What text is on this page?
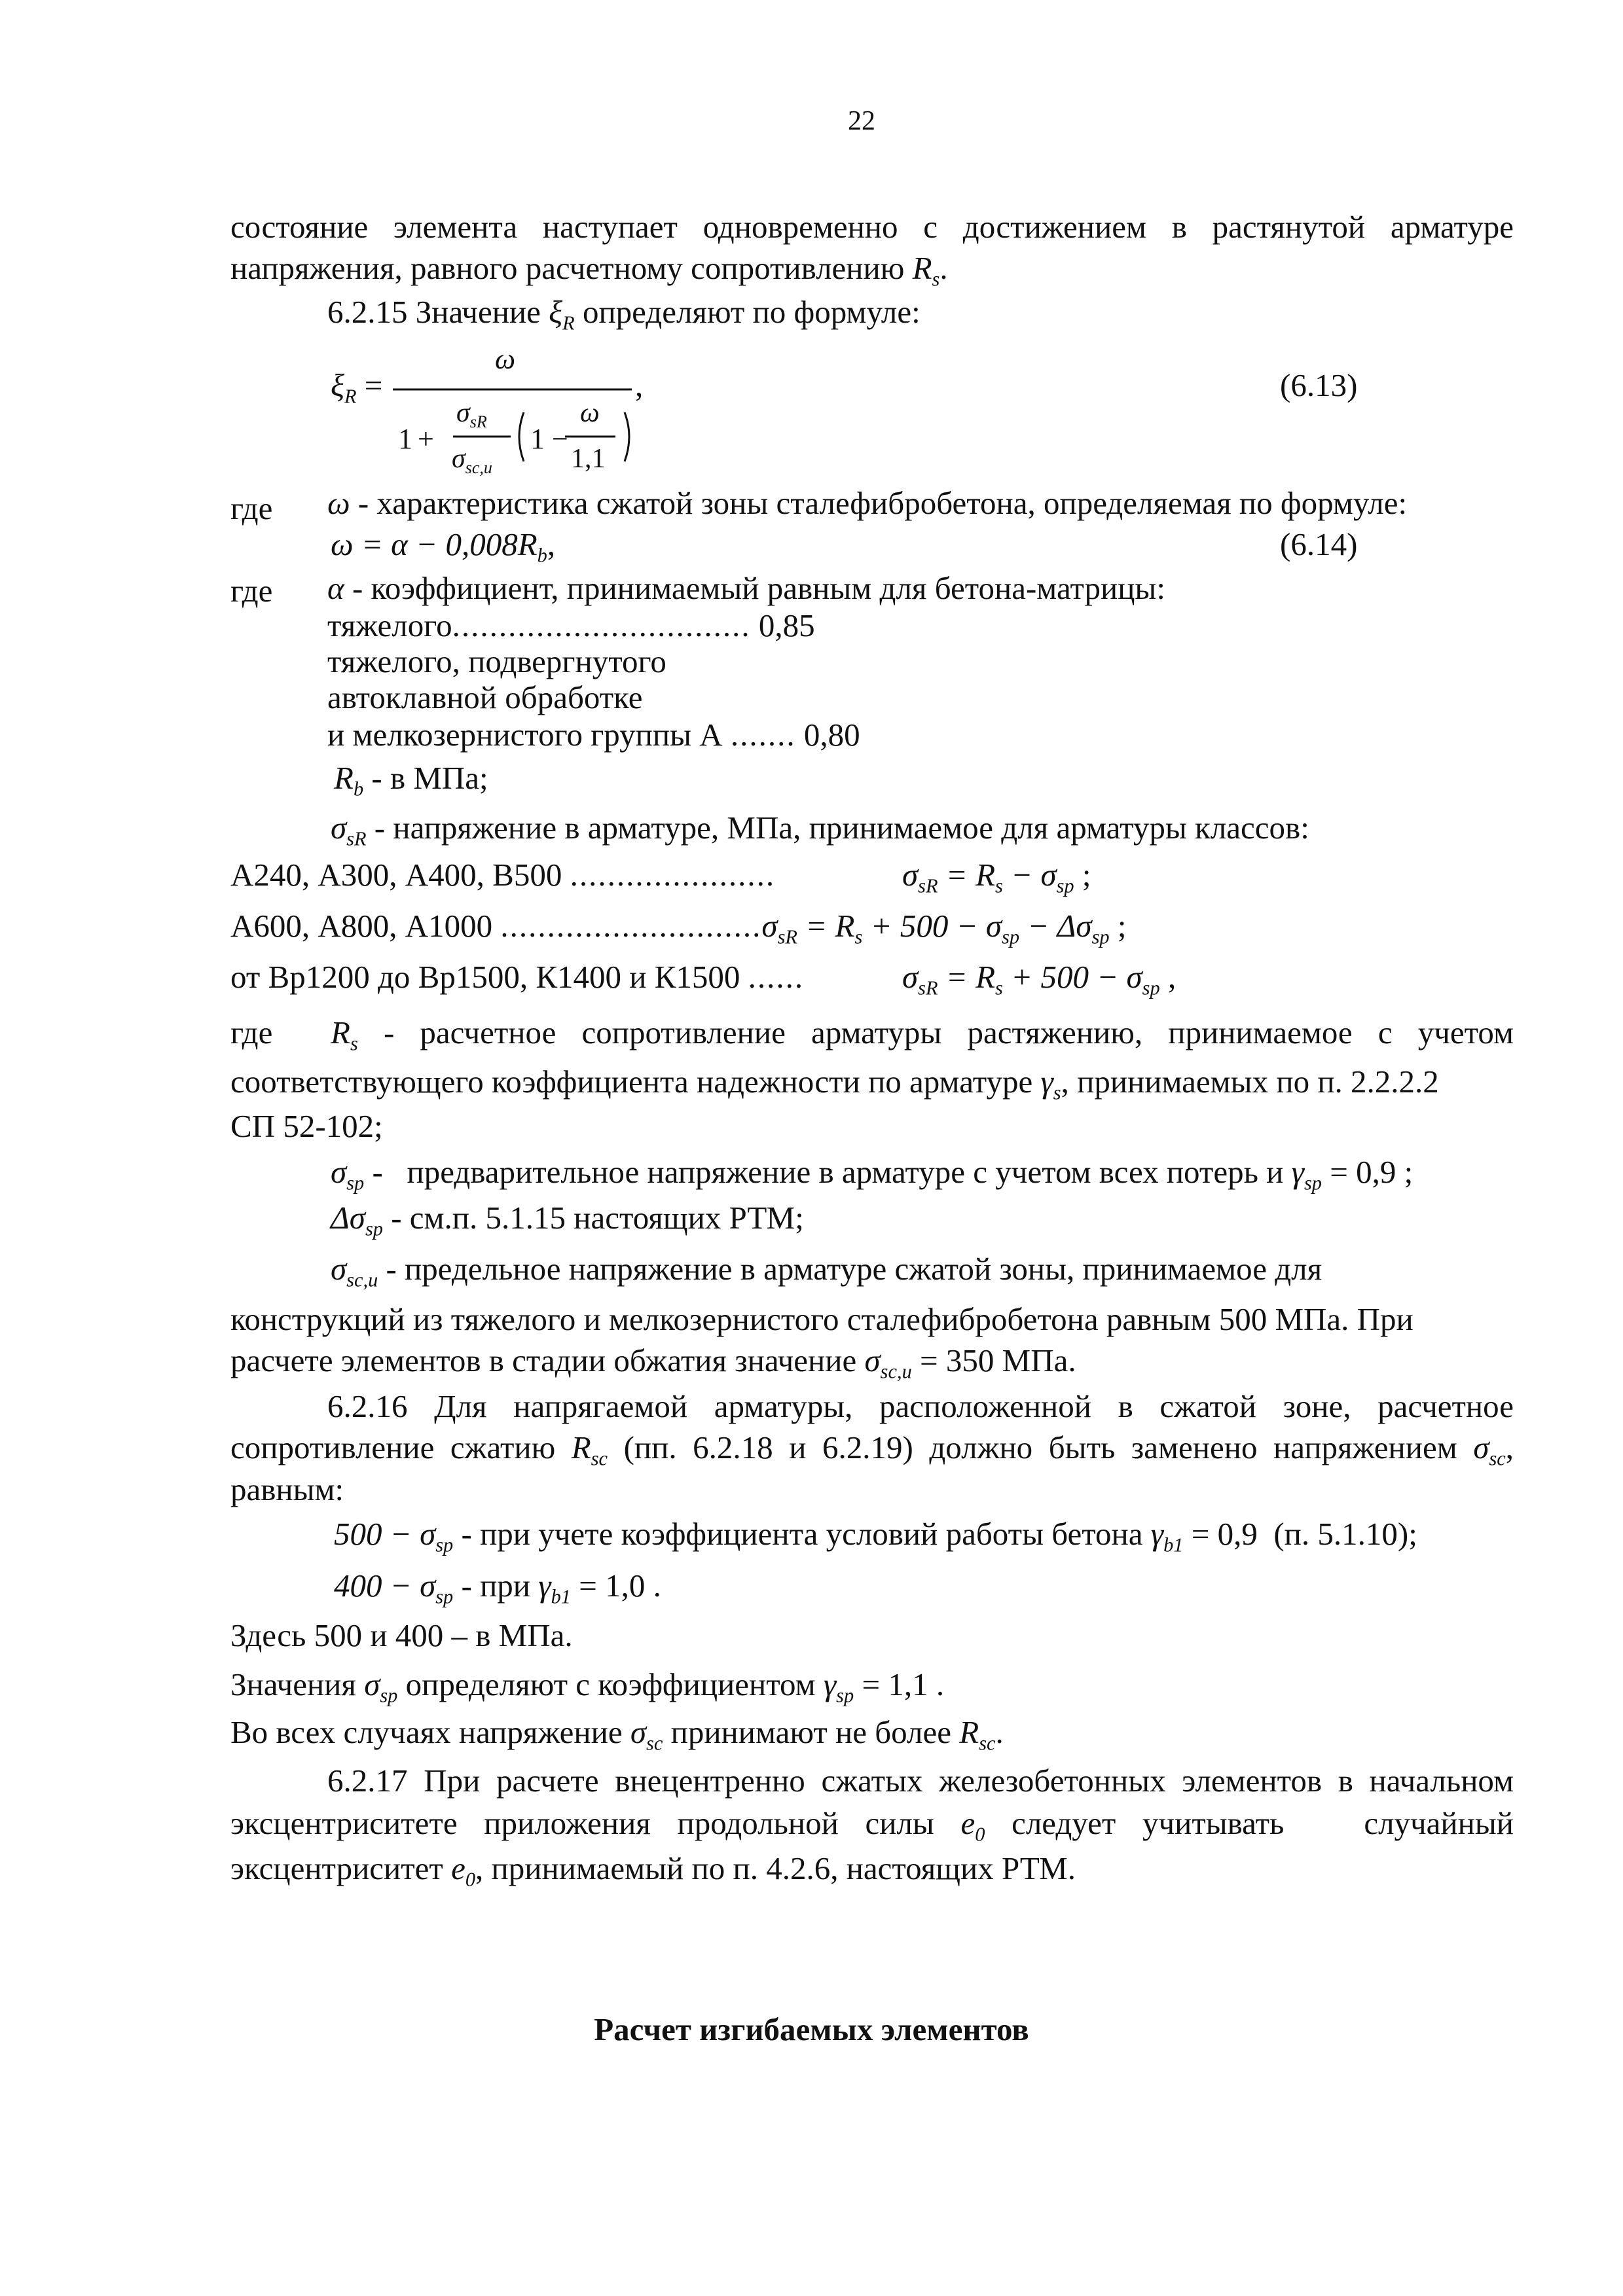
22
состояние элемента наступает одновременно с достижением в растянутой арматуре
напряжения, равного расчетному сопротивлению $R_s$.
6.2.15 Значение $\xi_R$ определяют по формуле:
$\xi_R$ =
ω
1 +
$\sigma_{sR}$
$\sigma_{sc,u}$
1 −
ω
1,1
,	(6.13)
где ω - характеристика сжатой зоны сталефибробетона, определяемая по формуле:
$\omega = \alpha - 0,008R_b$,	(6.14)
где α - коэффициент, принимаемый равным для бетона-матрицы:
тяжелого................................ 0,85
тяжелого, подвергнутого
автоклавной обработке
и мелкозернистого группы А ....... 0,80
$R_b$ - в МПа;
$\sigma_{sR}$ - напряжение в арматуре, МПа, принимаемое для арматуры классов:
А240, А300, А400, В500 ......................	$\sigma_{sR} = R_s - \sigma_{sp}$ ;
А600, А800, А1000 $............................\sigma_{sR} = R_s + 500 - \sigma_{sp} - \Delta\sigma_{sp}$ ;
от Вр1200 до Вр1500, К1400 и К1500 ......	$\sigma_{sR} = R_s + 500 - \sigma_{sp}$ ,
где $R_s$ - расчетное сопротивление арматуры растяжению, принимаемое с учетом
соответствующего коэффициента надежности по арматуре $\gamma_s$, принимаемых по п. 2.2.2.2
СП 52-102;
$\sigma_{sp}$ -   предварительное напряжение в арматуре с учетом всех потерь и $\gamma_{sp} = 0,9$ ;
$\Delta\sigma_{sp} - см.п$. 5.1.15 настоящих РТМ;
$\sigma_{sc,u}$ - предельное напряжение в арматуре сжатой зоны, принимаемое для
конструкций из тяжелого и мелкозернистого сталефибробетона равным 500 МПа. При
расчете элементов в стадии обжатия значение $\sigma_{sc,u} = 350$ МПа.
6.2.16 Для напрягаемой арматуры, расположенной в сжатой зоне, расчетное
сопротивление сжатию $R_{sc}$ (пп. 6.2.18 и 6.2.19) должно быть заменено напряжением $\sigma_{sc}$,
равным:
$500 - \sigma_{sp}$ - при учете коэффициента условий работы бетона $\gamma_{b1} = 0,9$  (п. 5.1.10);
$400 - \sigma_{sp}$ - при $\gamma_{b1} = 1,0$ .
Здесь 500 и 400 – в МПа.
Значения $\sigma_{sp}$ определяют с коэффициентом $\gamma_{sp} = 1,1$ .
Во всех случаях напряжение $\sigma_{sc}$ принимают не более $R_{sc}$.
6.2.17 При расчете внецентренно сжатых железобетонных элементов в начальном
эксцентриситете приложения продольной силы $e_0$ следует учитывать   случайный
эксцентриситет $e_0$, принимаемый по п. 4.2.6, настоящих РТМ.
Расчет изгибаемых элементов
